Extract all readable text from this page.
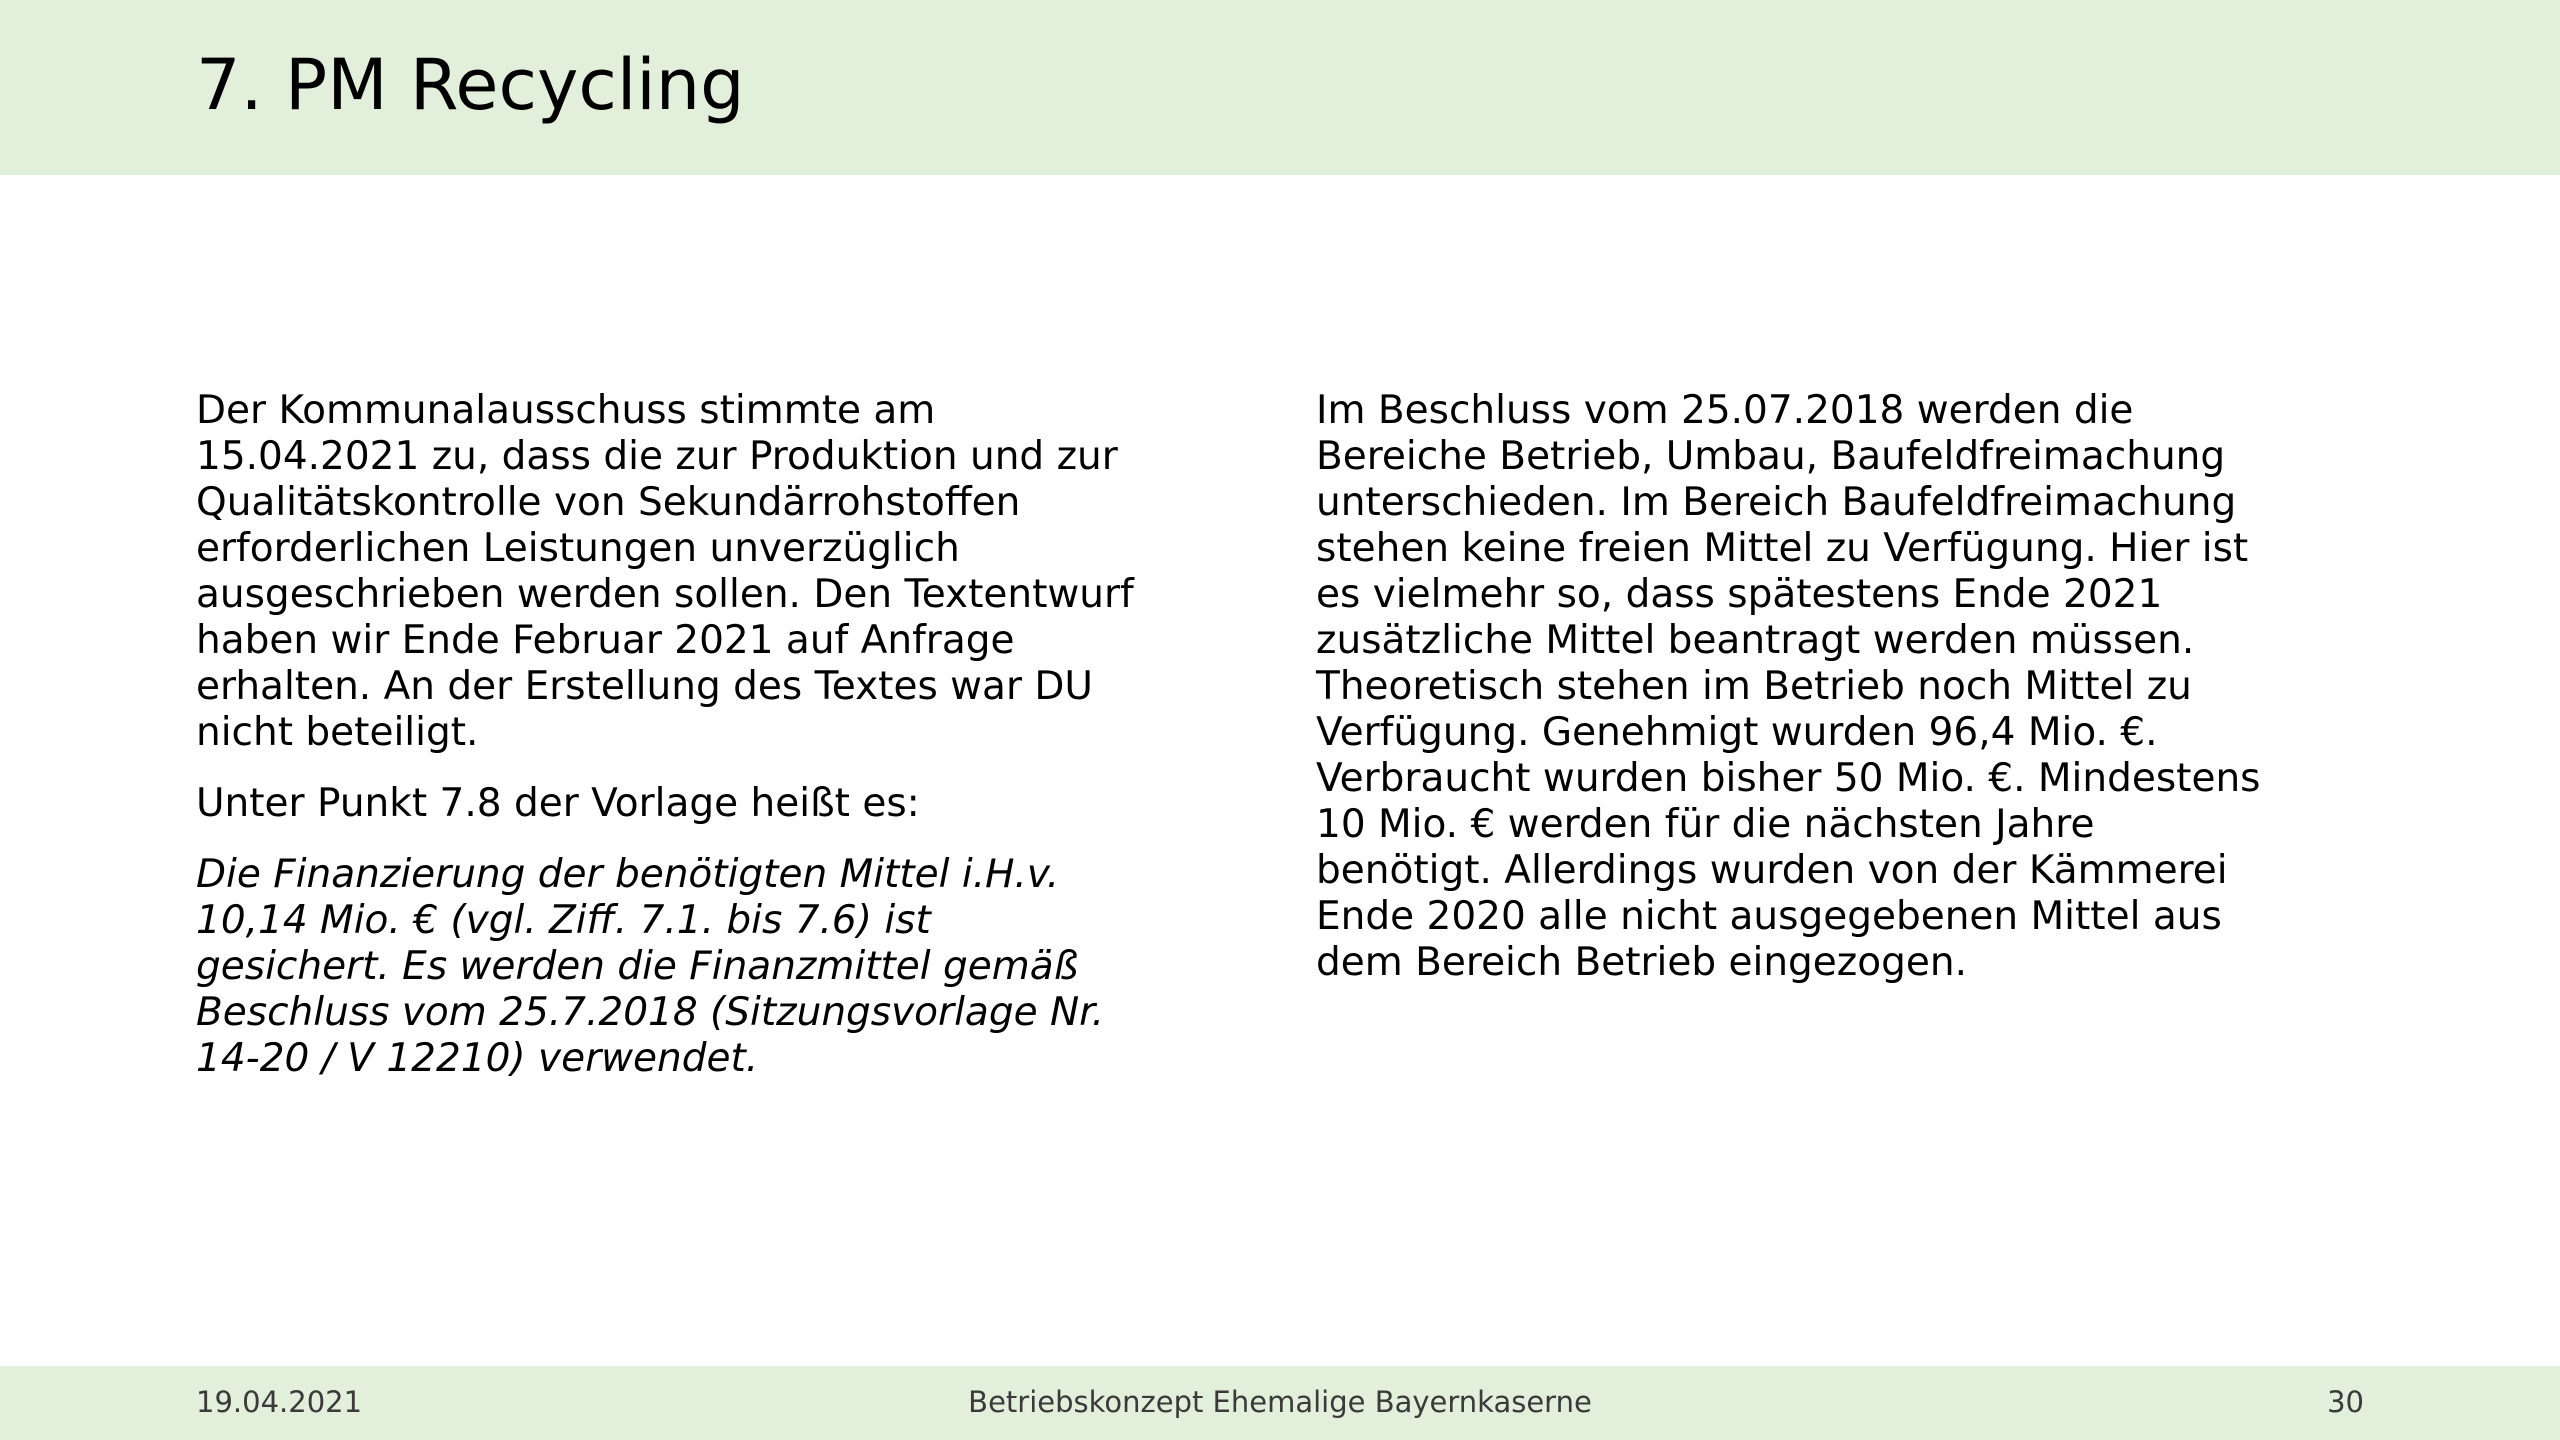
7. PM Recycling

Der Kommunalausschuss stimmte am
15.04.2021 zu, dass die zur Produktion und zur
Qualitätskontrolle von Sekundärrohstoffen
erforderlichen Leistungen unverzüglich
ausgeschrieben werden sollen. Den Textentwurf
haben wir Ende Februar 2021 auf Anfrage
erhalten. An der Erstellung des Textes war DU
nicht beteiligt.

Unter Punkt 7.8 der Vorlage heißt es:

Die Finanzierung der benötigten Mittel i.H.v.
10,14 Mio. € (vgl. Ziff. 7.1. bis 7.6) ist
gesichert. Es werden die Finanzmittel gemäß
Beschluss vom 25.7.2018 (Sitzungsvorlage Nr.
14-20 / V 12210) verwendet.

Im Beschluss vom 25.07.2018 werden die
Bereiche Betrieb, Umbau, Baufeldfreimachung
unterschieden. Im Bereich Baufeldfreimachung
stehen keine freien Mittel zu Verfügung. Hier ist
es vielmehr so, dass spätestens Ende 2021
zusätzliche Mittel beantragt werden müssen.
Theoretisch stehen im Betrieb noch Mittel zu
Verfügung. Genehmigt wurden 96,4 Mio. €.
Verbraucht wurden bisher 50 Mio. €. Mindestens
10 Mio. € werden für die nächsten Jahre
benötigt. Allerdings wurden von der Kämmerei
Ende 2020 alle nicht ausgegebenen Mittel aus
dem Bereich Betrieb eingezogen.

19.04.2021	Betriebskonzept Ehemalige Bayernkaserne	30
